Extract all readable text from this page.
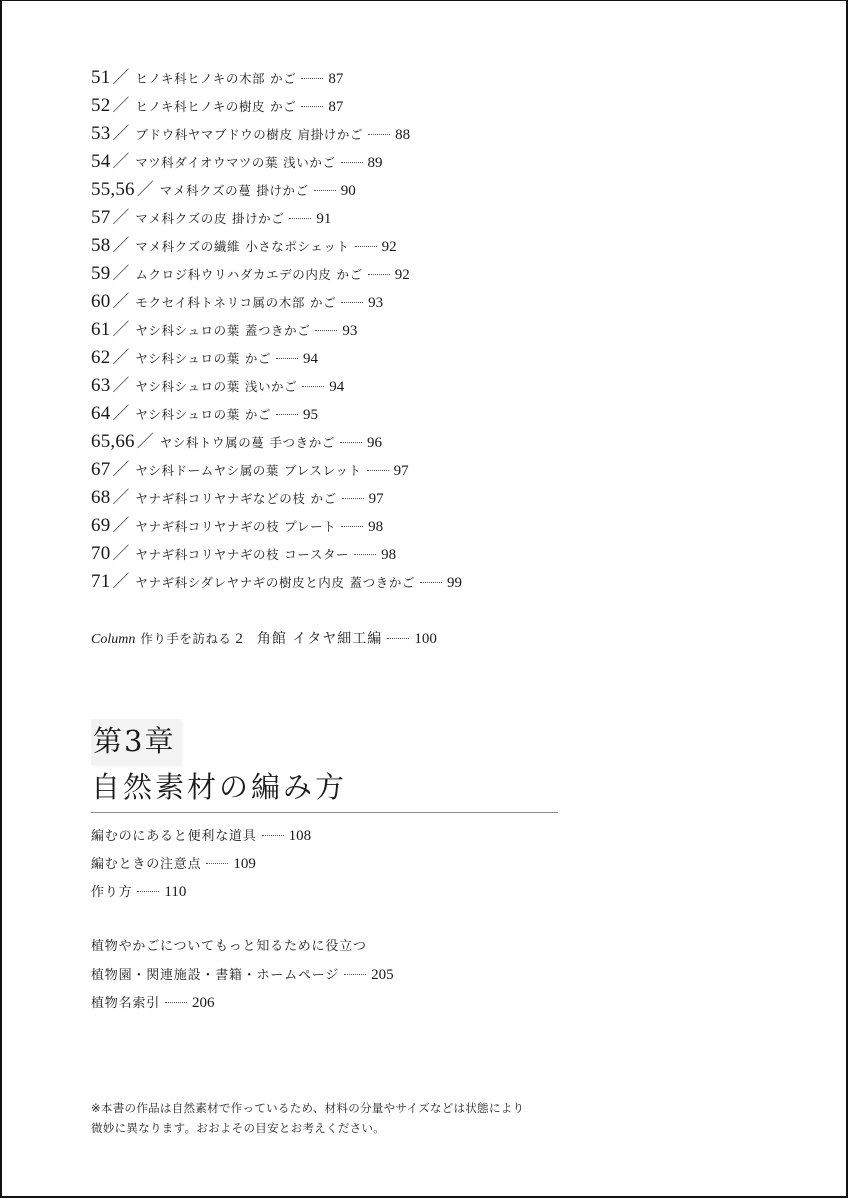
51 ／ ヒノキ科ヒノキの木部 かご 87
52 ／ ヒノキ科ヒノキの樹皮 かご 87
53 ／ ブドウ科ヤマブドウの樹皮 肩掛けかご 88
54 ／ マツ科ダイオウマツの葉 浅いかご 89
55,56 ／ マメ科クズの蔓 掛けかご 90
57 ／ マメ科クズの皮 掛けかご 91
58 ／ マメ科クズの繊維 小さなポシェット 92
59 ／ ムクロジ科ウリハダカエデの内皮 かご 92
60 ／ モクセイ科トネリコ属の木部 かご 93
61 ／ ヤシ科シュロの葉 蓋つきかご 93
62 ／ ヤシ科シュロの葉 かご 94
63 ／ ヤシ科シュロの葉 浅いかご 94
64 ／ ヤシ科シュロの葉 かご 95
65,66 ／ ヤシ科トウ属の蔓 手つきかご 96
67 ／ ヤシ科ドームヤシ属の葉 ブレスレット 97
68 ／ ヤナギ科コリヤナギなどの枝 かご 97
69 ／ ヤナギ科コリヤナギの枝 プレート 98
70 ／ ヤナギ科コリヤナギの枝 コースター 98
71 ／ ヤナギ科シダレヤナギの樹皮と内皮 蓋つきかご 99
Column 作り手を訪ねる 2 角館 イタヤ細工編 100
第3章
自然素材の編み方
編むのにあると便利な道具 108
編むときの注意点 109
作り方 110
植物やかごについてもっと知るために役立つ
植物園・関連施設・書籍・ホームページ 205
植物名索引 206
※本書の作品は自然素材で作っているため、材料の分量やサイズなどは状態により
微妙に異なります。おおよその目安とお考えください。
